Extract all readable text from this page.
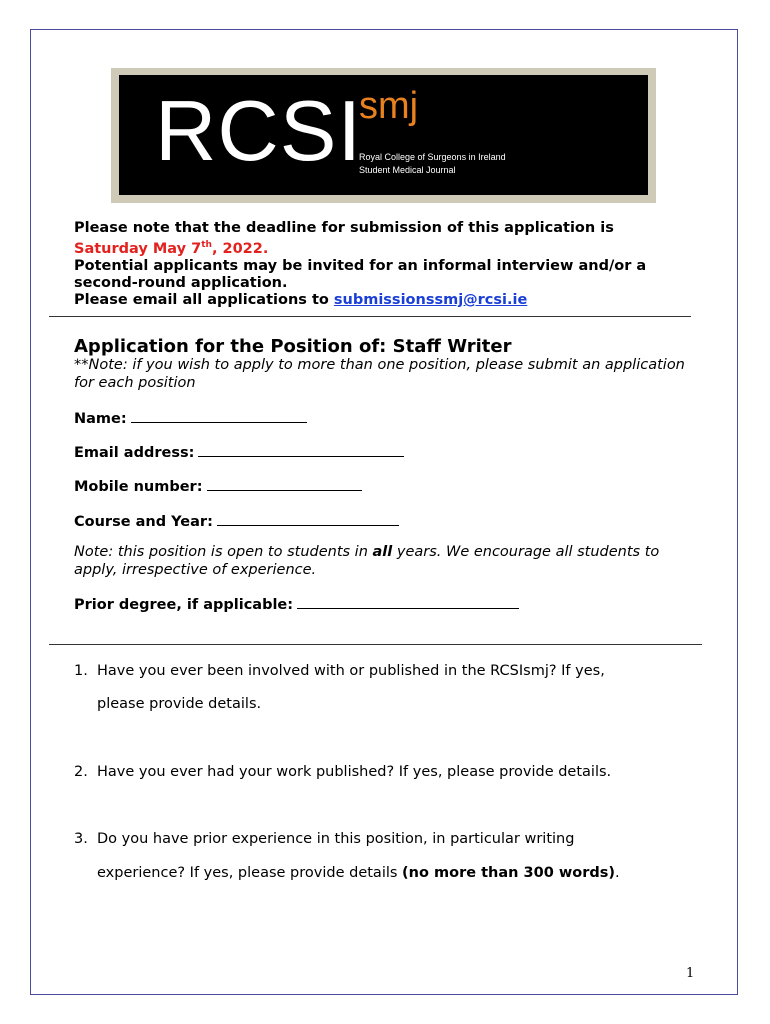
RCSI
smj
Royal College of Surgeons in Ireland
Student Medical Journal
Please note that the deadline for submission of this application is
Saturday May 7th, 2022.
Potential applicants may be invited for an informal interview and/or a second-round application.
Please email all applications to submissionssmj@rcsi.ie
Application for the Position of: Staff Writer
**Note: if you wish to apply to more than one position, please submit an application for each position
Name:
Email address:
Mobile number:
Course and Year:
Note: this position is open to students in all years. We encourage all students to apply, irrespective of experience.
Prior degree, if applicable:
1. Have you ever been involved with or published in the RCSIsmj? If yes,
please provide details.
2. Have you ever had your work published? If yes, please provide details.
3. Do you have prior experience in this position, in particular writing
experience? If yes, please provide details (no more than 300 words).
1
